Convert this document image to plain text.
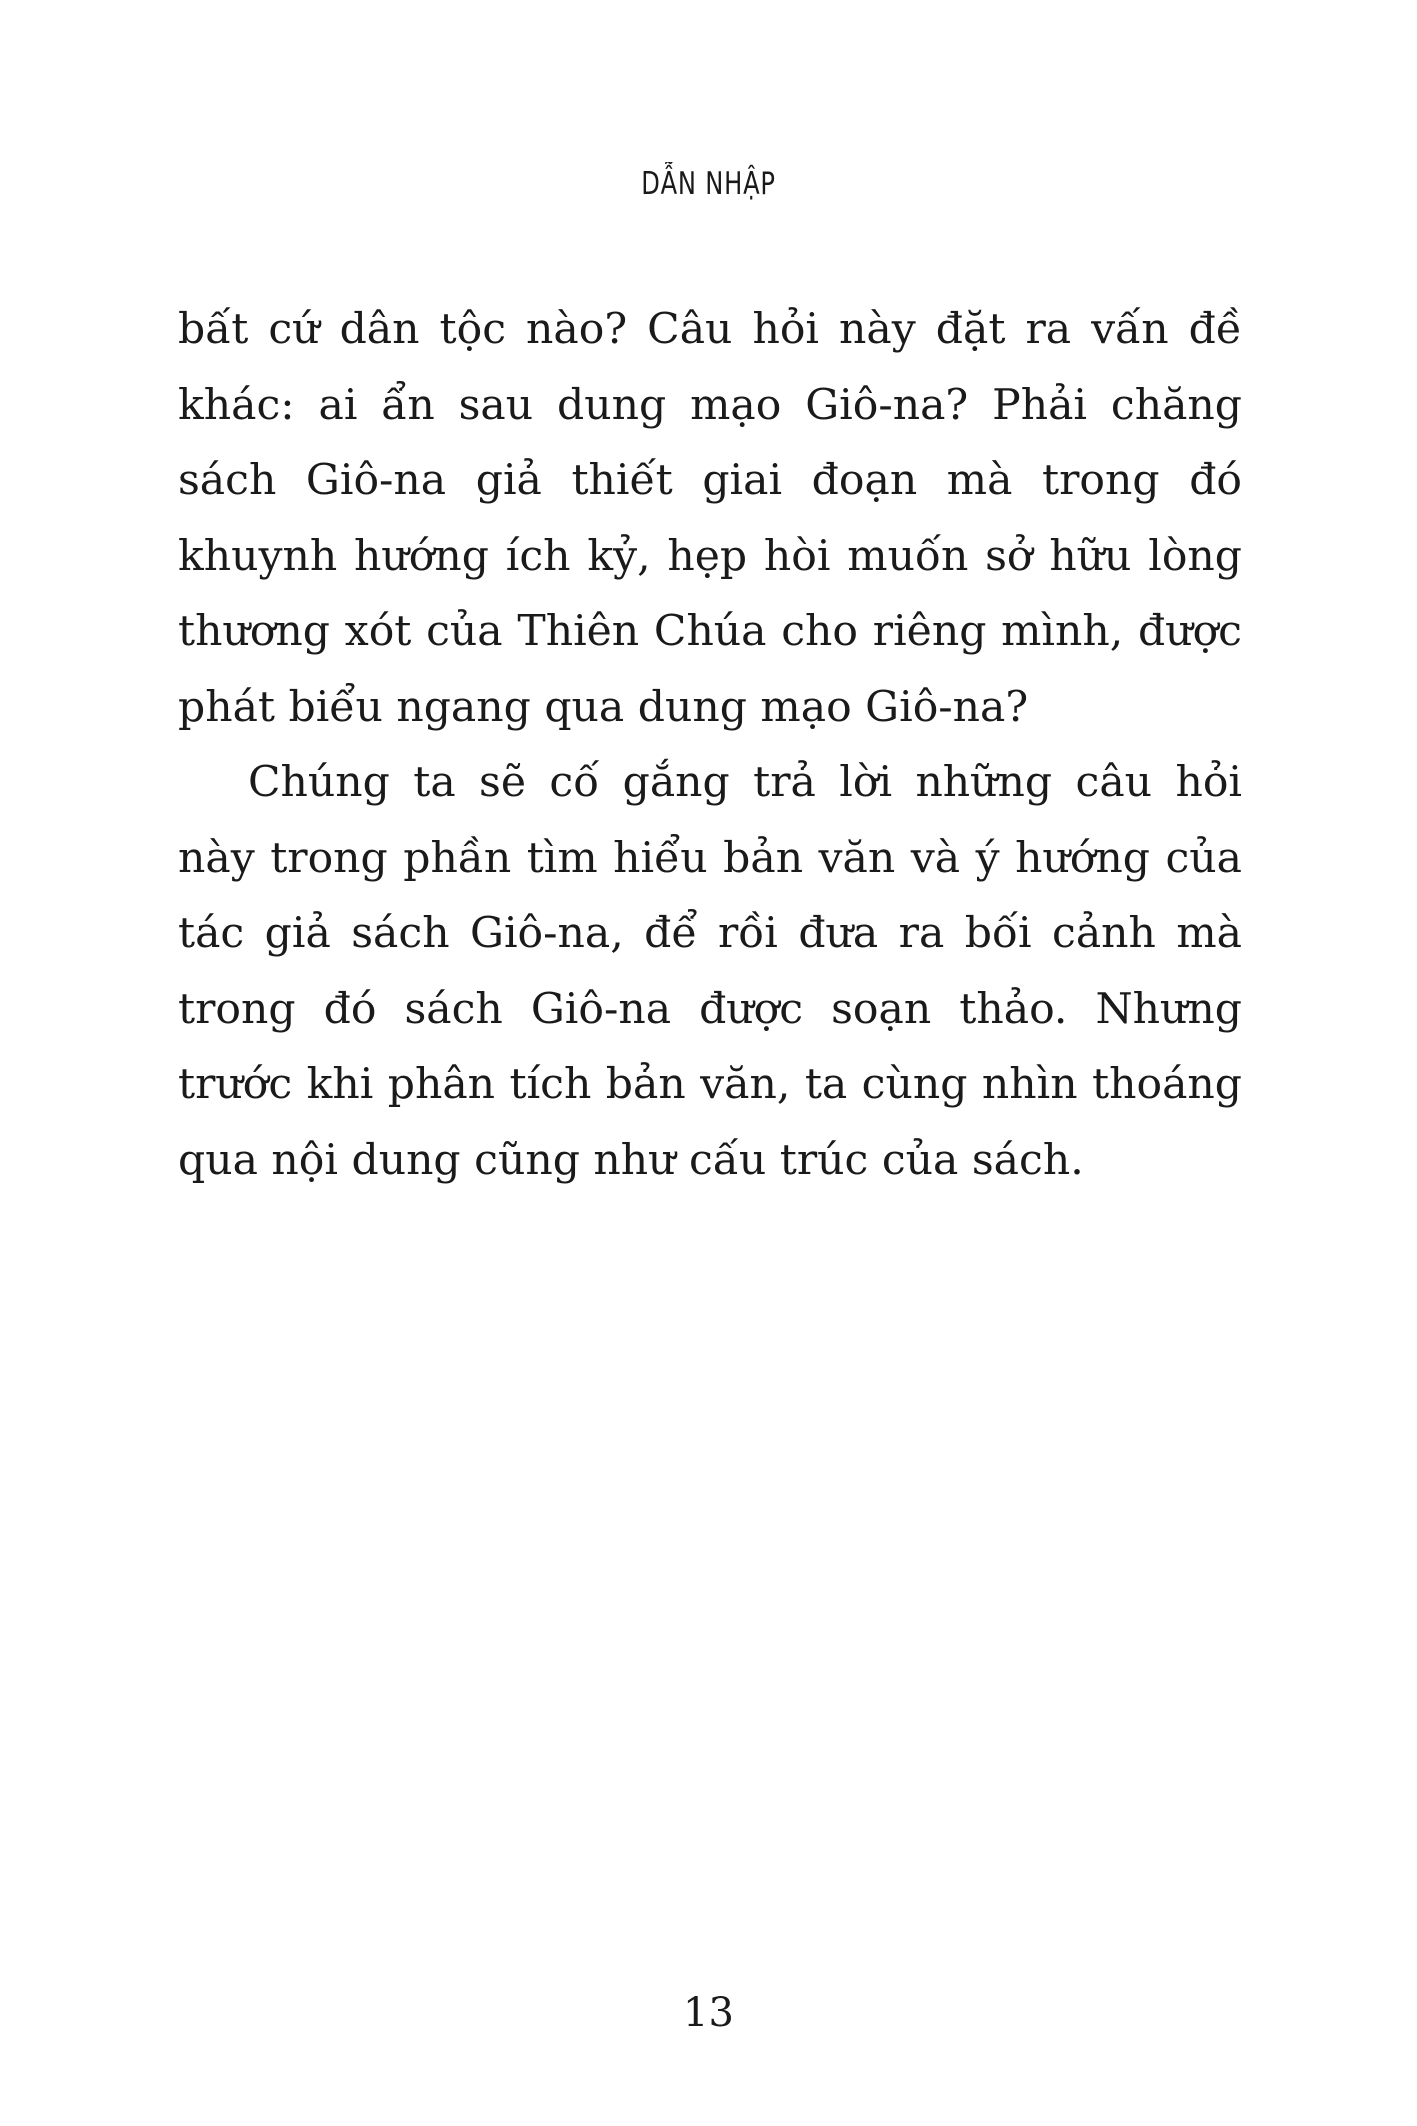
DẪN NHẬP

bất cứ dân tộc nào? Câu hỏi này đặt ra vấn đề khác: ai ẩn sau dung mạo Giô-na? Phải chăng sách Giô-na giả thiết giai đoạn mà trong đó khuynh hướng ích kỷ, hẹp hòi muốn sở hữu lòng thương xót của Thiên Chúa cho riêng mình, được phát biểu ngang qua dung mạo Giô-na?

Chúng ta sẽ cố gắng trả lời những câu hỏi này trong phần tìm hiểu bản văn và ý hướng của tác giả sách Giô-na, để rồi đưa ra bối cảnh mà trong đó sách Giô-na được soạn thảo. Nhưng trước khi phân tích bản văn, ta cùng nhìn thoáng qua nội dung cũng như cấu trúc của sách.

13
